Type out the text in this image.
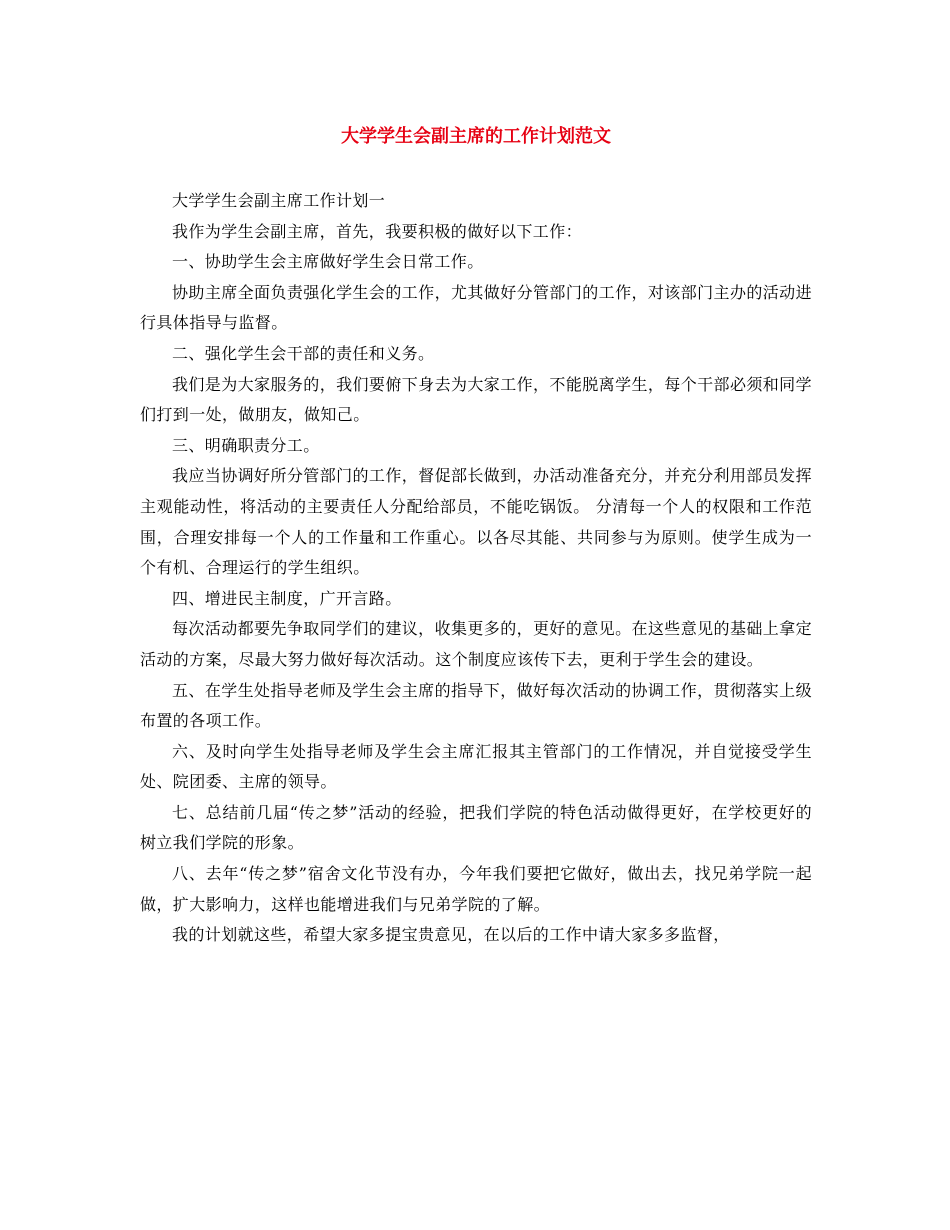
大学学生会副主席的工作计划范文

大学学生会副主席工作计划一

我作为学生会副主席，首先，我要积极的做好以下工作：

一、协助学生会主席做好学生会日常工作。

协助主席全面负责强化学生会的工作，尤其做好分管部门的工作，对该部门主办的活动进行具体指导与监督。

二、强化学生会干部的责任和义务。

我们是为大家服务的，我们要俯下身去为大家工作，不能脱离学生，每个干部必须和同学们打到一处，做朋友，做知己。

三、明确职责分工。

我应当协调好所分管部门的工作，督促部长做到，办活动准备充分，并充分利用部员发挥主观能动性，将活动的主要责任人分配给部员，不能吃锅饭。 分清每一个人的权限和工作范围，合理安排每一个人的工作量和工作重心。以各尽其能、共同参与为原则。使学生成为一个有机、合理运行的学生组织。

四、增进民主制度，广开言路。

每次活动都要先争取同学们的建议，收集更多的，更好的意见。在这些意见的基础上拿定活动的方案，尽最大努力做好每次活动。这个制度应该传下去，更利于学生会的建设。

五、在学生处指导老师及学生会主席的指导下，做好每次活动的协调工作，贯彻落实上级布置的各项工作。

六、及时向学生处指导老师及学生会主席汇报其主管部门的工作情况，并自觉接受学生处、院团委、主席的领导。

七、总结前几届“传之梦”活动的经验，把我们学院的特色活动做得更好，在学校更好的树立我们学院的形象。

八、去年“传之梦”宿舍文化节没有办，今年我们要把它做好，做出去，找兄弟学院一起做，扩大影响力，这样也能增进我们与兄弟学院的了解。

我的计划就这些，希望大家多提宝贵意见，在以后的工作中请大家多多监督，
